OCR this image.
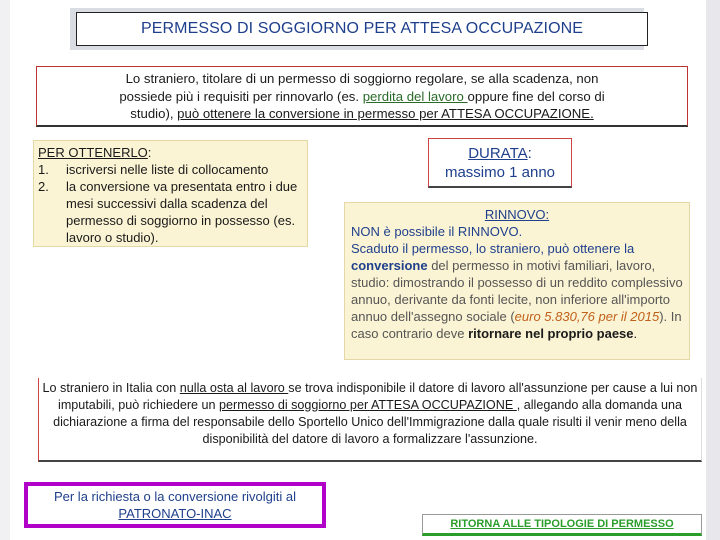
PERMESSO DI SOGGIORNO PER ATTESA OCCUPAZIONE
Lo straniero, titolare di un permesso di soggiorno regolare, se alla scadenza, non
possiede più i requisiti per rinnovarlo (es. perdita del lavoro oppure fine del corso di
studio), può ottenere la conversione in permesso per ATTESA OCCUPAZIONE.
PER OTTENERLO:
1.	iscriversi nelle liste di collocamento
2.	la conversione va presentata entro i due mesi successivi dalla scadenza del permesso di soggiorno in possesso (es. lavoro o studio).
DURATA:
massimo 1 anno
RINNOVO:
NON è possibile il RINNOVO.
Scaduto il permesso, lo straniero, può ottenere la conversione del permesso in motivi familiari, lavoro, studio: dimostrando il possesso di un reddito complessivo annuo, derivante da fonti lecite, non inferiore all'importo annuo dell'assegno sociale (euro 5.830,76 per il 2015). In caso contrario deve ritornare nel proprio paese.
Lo straniero in Italia con nulla osta al lavoro se trova indisponibile il datore di lavoro all'assunzione per cause a lui non imputabili, può richiedere un permesso di soggiorno per ATTESA OCCUPAZIONE , allegando alla domanda una dichiarazione a firma del responsabile dello Sportello Unico dell'Immigrazione dalla quale risulti il venir meno della disponibilità del datore di lavoro a formalizzare l'assunzione.
Per la richiesta o la conversione rivolgiti al
PATRONATO-INAC
RITORNA ALLE TIPOLOGIE DI PERMESSO
